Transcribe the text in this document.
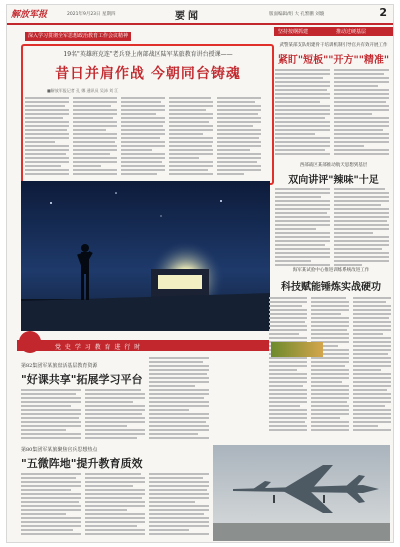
解放军报	2021年9月23日 星期四	要闻	版面编辑/组 大 孔繁鹏 刘璇	2
深入学习贯彻全军思想政治教育工作会议精神
19名"英雄班克连"老兵登上南部战区陆军某旅教育讲台授课——
昔日并肩作战 今朝同台铸魂
■解放军报记者 孔 娜 通讯员 吴沛 刘 江
坚持按纲抓建	推动过硬基层
武警某部支队组建骨干培训机制引导官兵有效开展工作
紧盯"短板""开方""精准"
西部战区某部推动航天思想到基层
双向讲评"辣味"十足
海军某试验中心推进训练系统改进工作
科技赋能锤炼实战硬功
党 史 学 习 教 育 进 行 时
第82集团军某旅盘活基层教育资源
"好课共享"拓展学习平台
第80集团军某旅聚焦官兵思想热点
"五微阵地"提升教育质效
